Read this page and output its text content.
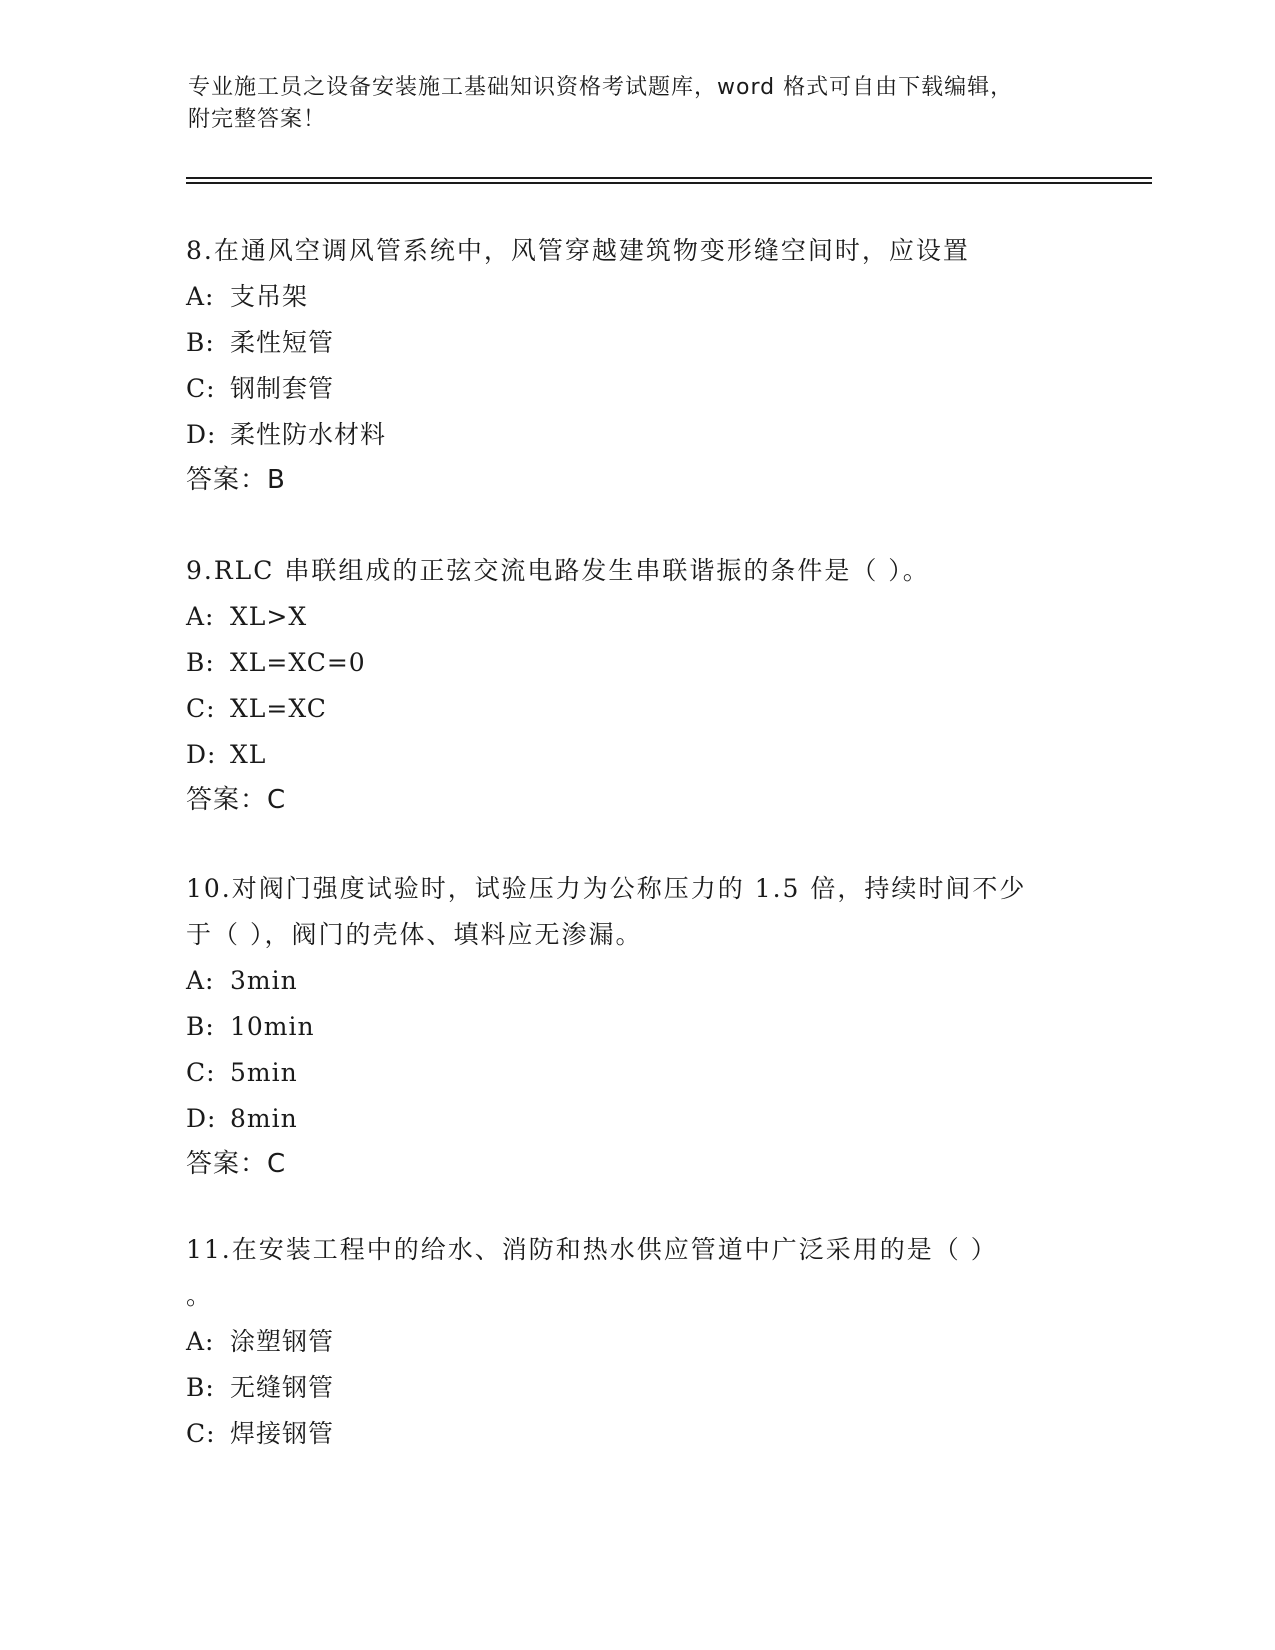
专业施工员之设备安装施工基础知识资格考试题库，word 格式可自由下载编辑，
附完整答案！
8.在通风空调风管系统中，风管穿越建筑物变形缝空间时，应设置
A: 支吊架
B: 柔性短管
C: 钢制套管
D: 柔性防水材料
答案：B
9.RLC 串联组成的正弦交流电路发生串联谐振的条件是（ ）。
A: XL>X
B: XL=XC=0
C: XL=XC
D: XL
答案：C
10.对阀门强度试验时，试验压力为公称压力的 1.5 倍，持续时间不少
于（ ），阀门的壳体、填料应无渗漏。
A: 3min
B: 10min
C: 5min
D: 8min
答案：C
11.在安装工程中的给水、消防和热水供应管道中广泛采用的是（ ）
。
A: 涂塑钢管
B: 无缝钢管
C: 焊接钢管
